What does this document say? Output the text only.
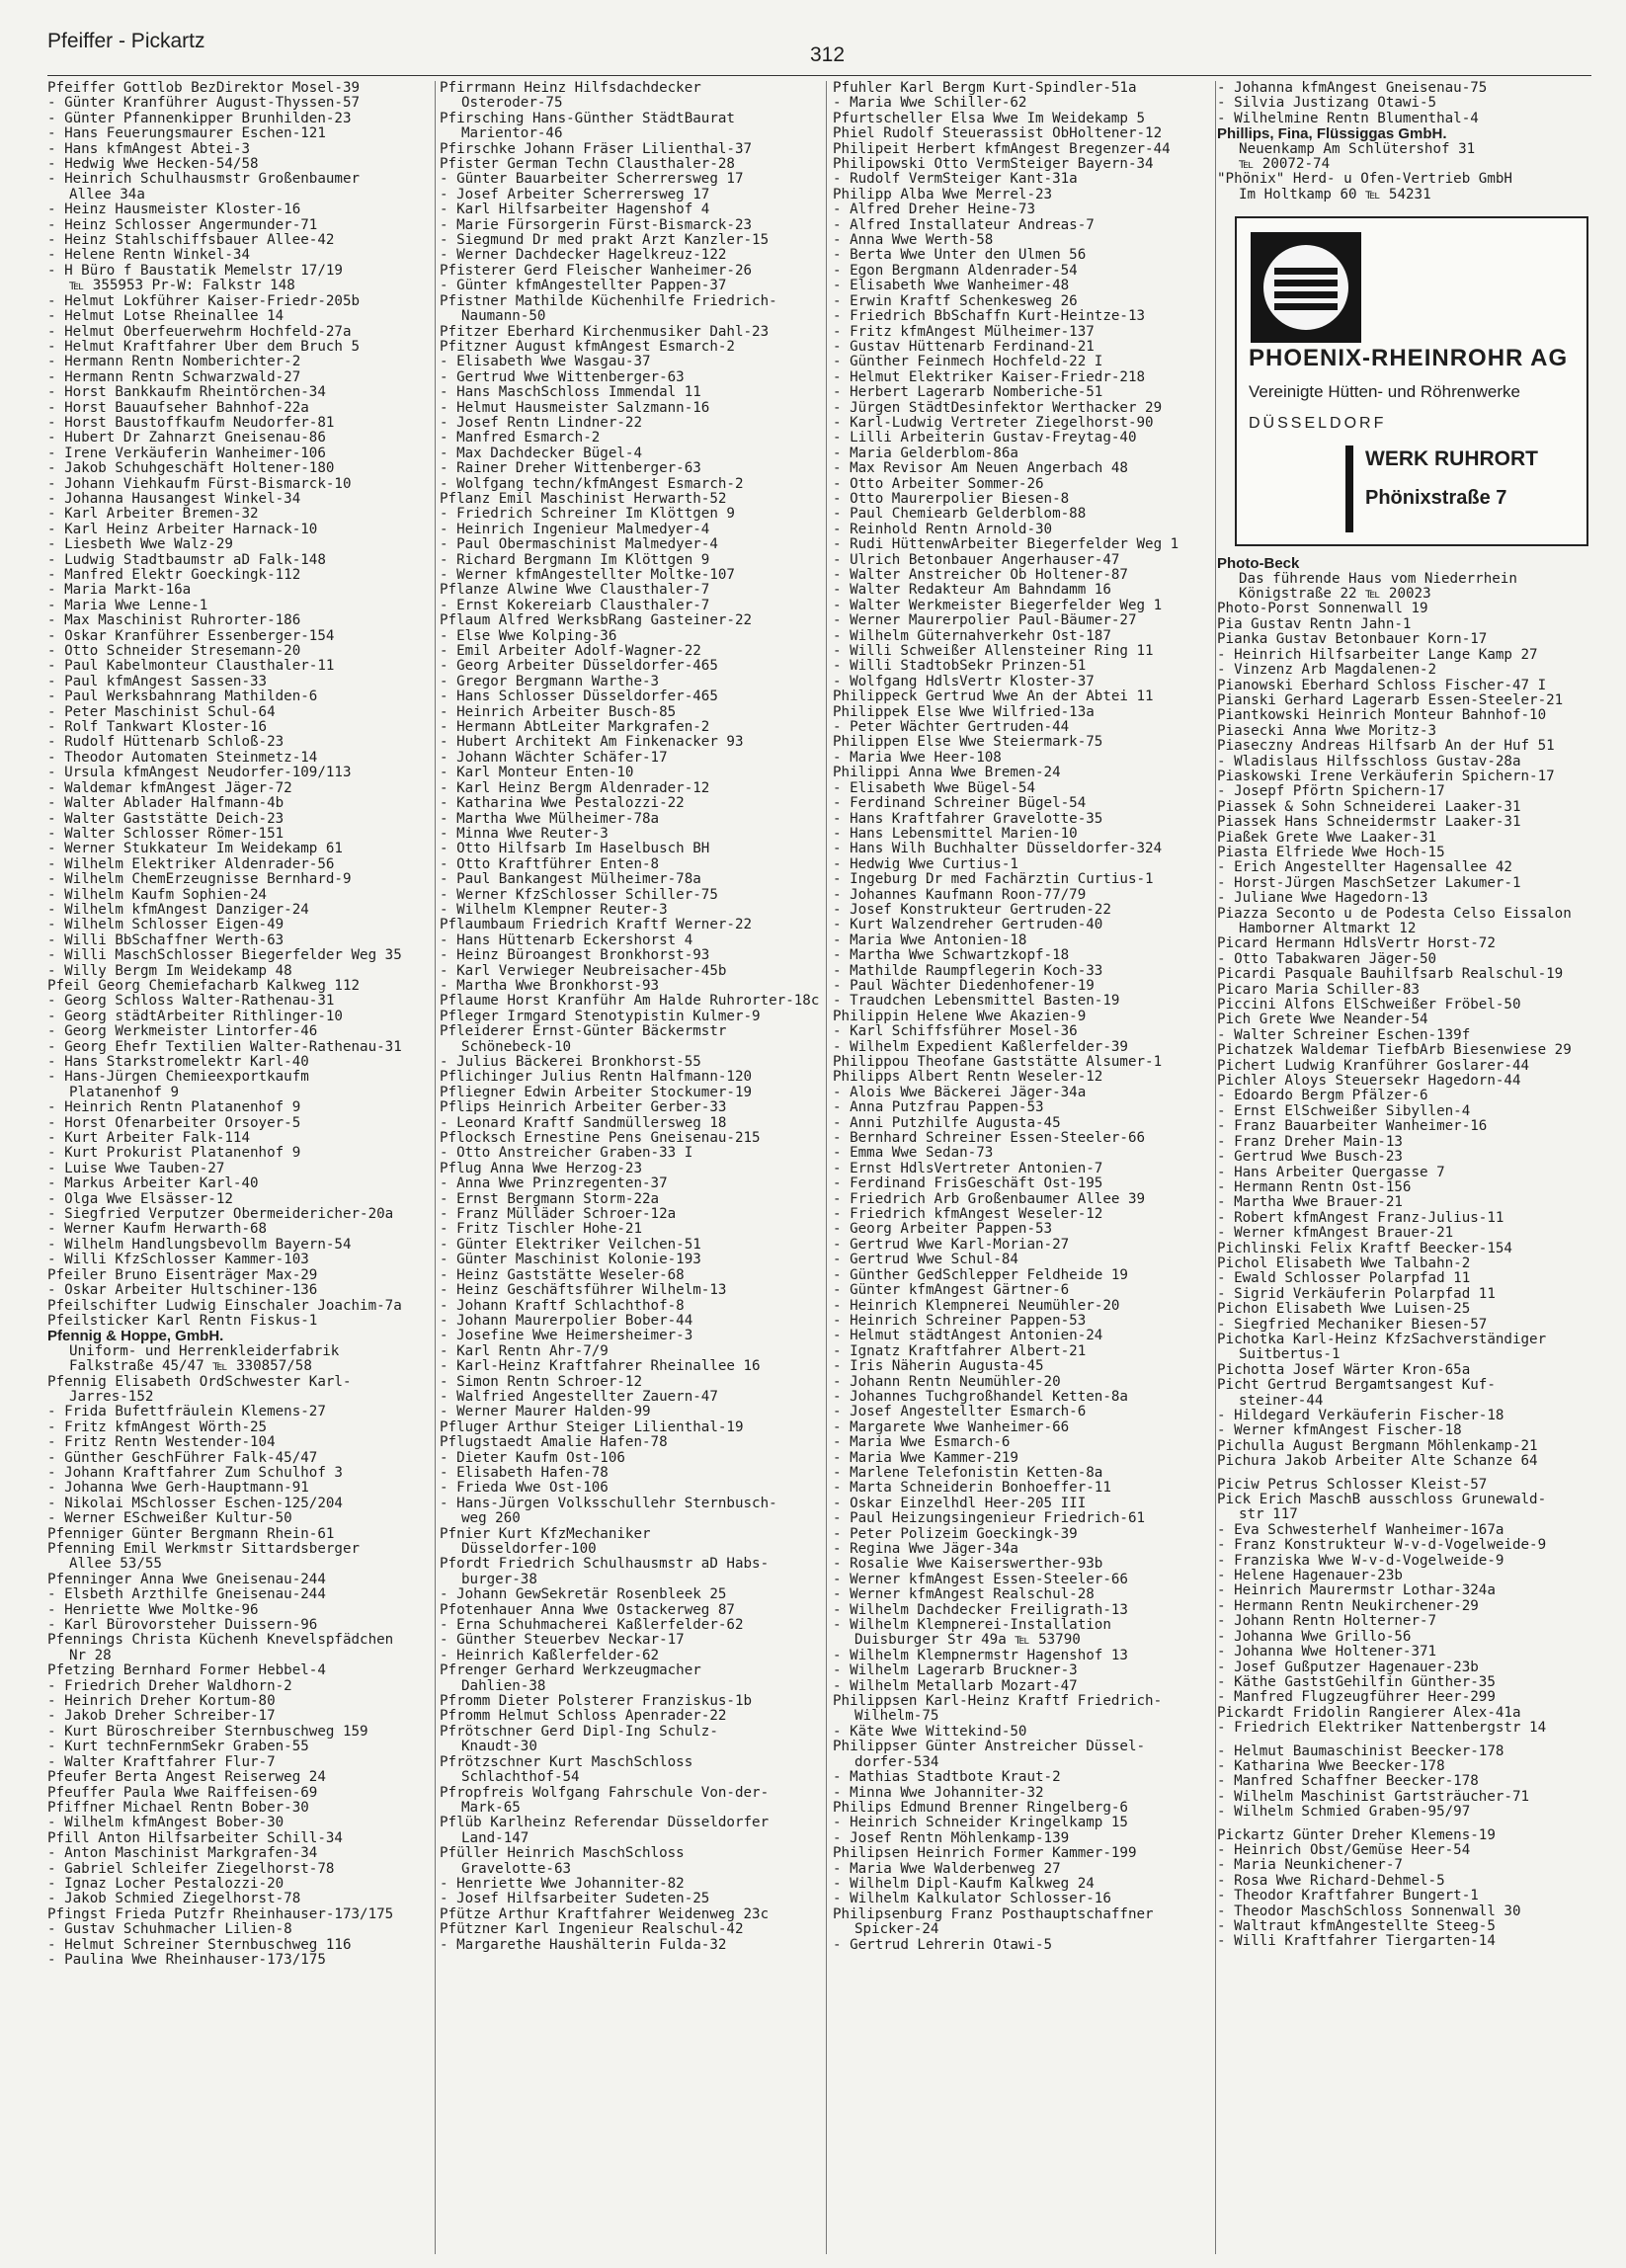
Pfeiffer - Pickartz
312
Pfeiffer Gottlob BezDirektor Mosel-39
- Günter Kranführer August-Thyssen-57
- Günter Pfannenkipper Brunhilden-23
- Hans Feuerungsmaurer Eschen-121
- Hans kfmAngest Abtei-3
- Hedwig Wwe Hecken-54/58
- Heinrich Schulhausmstr Großenbaumer
Allee 34a
- Heinz Hausmeister Kloster-16
- Heinz Schlosser Angermunder-71
- Heinz Stahlschiffsbauer Allee-42
- Helene Rentn Winkel-34
- H Büro f Baustatik Memelstr 17/19
℡ 355953 Pr-W: Falkstr 148
- Helmut Lokführer Kaiser-Friedr-205b
- Helmut Lotse Rheinallee 14
- Helmut Oberfeuerwehrm Hochfeld-27a
- Helmut Kraftfahrer Über dem Bruch 5
- Hermann Rentn Nomberichter-2
- Hermann Rentn Schwarzwald-27
- Horst Bankkaufm Rheintörchen-34
- Horst Bauaufseher Bahnhof-22a
- Horst Baustoffkaufm Neudorfer-81
- Hubert Dr Zahnarzt Gneisenau-86
- Irene Verkäuferin Wanheimer-106
- Jakob Schuhgeschäft Holtener-180
- Johann Viehkaufm Fürst-Bismarck-10
- Johanna Hausangest Winkel-34
- Karl Arbeiter Bremen-32
- Karl Heinz Arbeiter Harnack-10
- Liesbeth Wwe Walz-29
- Ludwig Stadtbaumstr aD Falk-148
- Manfred Elektr Goeckingk-112
- Maria Markt-16a
- Maria Wwe Lenne-1
- Max Maschinist Ruhrorter-186
- Oskar Kranführer Essenberger-154
- Otto Schneider Stresemann-20
- Paul Kabelmonteur Clausthaler-11
- Paul kfmAngest Sassen-33
- Paul Werksbahnrang Mathilden-6
- Peter Maschinist Schul-64
- Rolf Tankwart Kloster-16
- Rudolf Hüttenarb Schloß-23
- Theodor Automaten Steinmetz-14
- Ursula kfmAngest Neudorfer-109/113
- Waldemar kfmAngest Jäger-72
- Walter Ablader Halfmann-4b
- Walter Gaststätte Deich-23
- Walter Schlosser Römer-151
- Werner Stukkateur Im Weidekamp 61
- Wilhelm Elektriker Aldenrader-56
- Wilhelm ChemErzeugnisse Bernhard-9
- Wilhelm Kaufm Sophien-24
- Wilhelm kfmAngest Danziger-24
- Wilhelm Schlosser Eigen-49
- Willi BbSchaffner Werth-63
- Willi MaschSchlosser Biegerfelder Weg 35
- Willy Bergm Im Weidekamp 48
Pfeil Georg Chemiefacharb Kalkweg 112
- Georg Schloss Walter-Rathenau-31
- Georg städtArbeiter Rithlinger-10
- Georg Werkmeister Lintorfer-46
- Georg Ehefr Textilien Walter-Rathenau-31
- Hans Starkstromelektr Karl-40
- Hans-Jürgen Chemieexportkaufm
Platanenhof 9
- Heinrich Rentn Platanenhof 9
- Horst Ofenarbeiter Orsoyer-5
- Kurt Arbeiter Falk-114
- Kurt Prokurist Platanenhof 9
- Luise Wwe Tauben-27
- Markus Arbeiter Karl-40
- Olga Wwe Elsässer-12
- Siegfried Verputzer Obermeidericher-20a
- Werner Kaufm Herwarth-68
- Wilhelm Handlungsbevollm Bayern-54
- Willi KfzSchlosser Kammer-103
Pfeiler Bruno Eisenträger Max-29
- Oskar Arbeiter Hultschiner-136
Pfeilschifter Ludwig Einschaler Joachim-7a
Pfeilsticker Karl Rentn Fiskus-1
Pfennig & Hoppe, GmbH.
Uniform- und Herrenkleiderfabrik
Falkstraße 45/47 ℡ 330857/58
Pfennig Elisabeth OrdSchwester Karl-
Jarres-152
- Frida Bufettfräulein Klemens-27
- Fritz kfmAngest Wörth-25
- Fritz Rentn Westender-104
- Günther GeschFührer Falk-45/47
- Johann Kraftfahrer Zum Schulhof 3
- Johanna Wwe Gerh-Hauptmann-91
- Nikolai MSchlosser Eschen-125/204
- Werner ESchweißer Kultur-50
Pfenniger Günter Bergmann Rhein-61
Pfenning Emil Werkmstr Sittardsberger
Allee 53/55
Pfenninger Anna Wwe Gneisenau-244
- Elsbeth Arzthilfe Gneisenau-244
- Henriette Wwe Moltke-96
- Karl Bürovorsteher Duissern-96
Pfennings Christa Küchenh Knevelspfädchen
Nr 28
Pfetzing Bernhard Former Hebbel-4
- Friedrich Dreher Waldhorn-2
- Heinrich Dreher Kortum-80
- Jakob Dreher Schreiber-17
- Kurt Büroschreiber Sternbuschweg 159
- Kurt technFernmSekr Graben-55
- Walter Kraftfahrer Flur-7
Pfeufer Berta Angest Reiserweg 24
Pfeuffer Paula Wwe Raiffeisen-69
Pfiffner Michael Rentn Bober-30
- Wilhelm kfmAngest Bober-30
Pfill Anton Hilfsarbeiter Schill-34
- Anton Maschinist Markgrafen-34
- Gabriel Schleifer Ziegelhorst-78
- Ignaz Locher Pestalozzi-20
- Jakob Schmied Ziegelhorst-78
Pfingst Frieda Putzfr Rheinhauser-173/175
- Gustav Schuhmacher Lilien-8
- Helmut Schreiner Sternbuschweg 116
- Paulina Wwe Rheinhauser-173/175
Pfirrmann Heinz Hilfsdachdecker
Osteroder-75
Pfirsching Hans-Günther StädtBaurat
Marientor-46
Pfirschke Johann Fräser Lilienthal-37
Pfister German Techn Clausthaler-28
- Günter Bauarbeiter Scherrersweg 17
- Josef Arbeiter Scherrersweg 17
- Karl Hilfsarbeiter Hagenshof 4
- Marie Fürsorgerin Fürst-Bismarck-23
- Siegmund Dr med prakt Arzt Kanzler-15
- Werner Dachdecker Hagelkreuz-122
Pfisterer Gerd Fleischer Wanheimer-26
- Günter kfmAngestellter Pappen-37
Pfistner Mathilde Küchenhilfe Friedrich-
Naumann-50
Pfitzer Eberhard Kirchenmusiker Dahl-23
Pfitzner August kfmAngest Esmarch-2
- Elisabeth Wwe Wasgau-37
- Gertrud Wwe Wittenberger-63
- Hans MaschSchloss Immendal 11
- Helmut Hausmeister Salzmann-16
- Josef Rentn Lindner-22
- Manfred Esmarch-2
- Max Dachdecker Bügel-4
- Rainer Dreher Wittenberger-63
- Wolfgang techn/kfmAngest Esmarch-2
Pflanz Emil Maschinist Herwarth-52
- Friedrich Schreiner Im Klöttgen 9
- Heinrich Ingenieur Malmedyer-4
- Paul Obermaschinist Malmedyer-4
- Richard Bergmann Im Klöttgen 9
- Werner kfmAngestellter Moltke-107
Pflanze Alwine Wwe Clausthaler-7
- Ernst Kokereiarb Clausthaler-7
Pflaum Alfred WerksbRang Gasteiner-22
- Else Wwe Kolping-36
- Emil Arbeiter Adolf-Wagner-22
- Georg Arbeiter Düsseldorfer-465
- Gregor Bergmann Warthe-3
- Hans Schlosser Düsseldorfer-465
- Heinrich Arbeiter Busch-85
- Hermann AbtLeiter Markgrafen-2
- Hubert Architekt Am Finkenacker 93
- Johann Wächter Schäfer-17
- Karl Monteur Enten-10
- Karl Heinz Bergm Aldenrader-12
- Katharina Wwe Pestalozzi-22
- Martha Wwe Mülheimer-78a
- Minna Wwe Reuter-3
- Otto Hilfsarb Im Haselbusch BH
- Otto Kraftführer Enten-8
- Paul Bankangest Mülheimer-78a
- Werner KfzSchlosser Schiller-75
- Wilhelm Klempner Reuter-3
Pflaumbaum Friedrich Kraftf Werner-22
- Hans Hüttenarb Eckershorst 4
- Heinz Büroangest Bronkhorst-93
- Karl Verwieger Neubreisacher-45b
- Martha Wwe Bronkhorst-93
Pflaume Horst Kranführ Am Halde Ruhrorter-18c
Pfleger Irmgard Stenotypistin Kulmer-9
Pfleiderer Ernst-Günter Bäckermstr
Schönebeck-10
- Julius Bäckerei Bronkhorst-55
Pflichinger Julius Rentn Halfmann-120
Pfliegner Edwin Arbeiter Stockumer-19
Pflips Heinrich Arbeiter Gerber-33
- Leonard Kraftf Sandmüllersweg 18
Pflocksch Ernestine Pens Gneisenau-215
- Otto Anstreicher Graben-33 I
Pflug Anna Wwe Herzog-23
- Anna Wwe Prinzregenten-37
- Ernst Bergmann Storm-22a
- Franz Mülläder Schroer-12a
- Fritz Tischler Hohe-21
- Günter Elektriker Veilchen-51
- Günter Maschinist Kolonie-193
- Heinz Gaststätte Weseler-68
- Heinz Geschäftsführer Wilhelm-13
- Johann Kraftf Schlachthof-8
- Johann Maurerpolier Bober-44
- Josefine Wwe Heimersheimer-3
- Karl Rentn Ahr-7/9
- Karl-Heinz Kraftfahrer Rheinallee 16
- Simon Rentn Schroer-12
- Walfried Angestellter Zauern-47
- Werner Maurer Halden-99
Pfluger Arthur Steiger Lilienthal-19
Pflugstaedt Amalie Hafen-78
- Dieter Kaufm Ost-106
- Elisabeth Hafen-78
- Frieda Wwe Ost-106
- Hans-Jürgen Volksschullehr Sternbusch-
weg 260
Pfnier Kurt KfzMechaniker
Düsseldorfer-100
Pfordt Friedrich Schulhausmstr aD Habs-
burger-38
- Johann GewSekretär Rosenbleek 25
Pfotenhauer Anna Wwe Ostackerweg 87
- Erna Schuhmacherei Kaßlerfelder-62
- Günther Steuerbev Neckar-17
- Heinrich Kaßlerfelder-62
Pfrenger Gerhard Werkzeugmacher
Dahlien-38
Pfromm Dieter Polsterer Franziskus-1b
Pfromm Helmut Schloss Apenrader-22
Pfrötschner Gerd Dipl-Ing Schulz-
Knaudt-30
Pfrötzschner Kurt MaschSchloss
Schlachthof-54
Pfropfreis Wolfgang Fahrschule Von-der-
Mark-65
Pflüb Karlheinz Referendar Düsseldorfer
Land-147
Pfüller Heinrich MaschSchloss
Gravelotte-63
- Henriette Wwe Johanniter-82
- Josef Hilfsarbeiter Sudeten-25
Pfütze Arthur Kraftfahrer Weidenweg 23c
Pfützner Karl Ingenieur Realschul-42
- Margarethe Haushälterin Fulda-32
Pfuhler Karl Bergm Kurt-Spindler-51a
- Maria Wwe Schiller-62
Pfurtscheller Elsa Wwe Im Weidekamp 5
Phiel Rudolf Steuerassist ObHoltener-12
Philipeit Herbert kfmAngest Bregenzer-44
Philipowski Otto VermSteiger Bayern-34
- Rudolf VermSteiger Kant-31a
Philipp Alba Wwe Merrel-23
- Alfred Dreher Heine-73
- Alfred Installateur Andreas-7
- Anna Wwe Werth-58
- Berta Wwe Unter den Ulmen 56
- Egon Bergmann Aldenrader-54
- Elisabeth Wwe Wanheimer-48
- Erwin Kraftf Schenkesweg 26
- Friedrich BbSchaffn Kurt-Heintze-13
- Fritz kfmAngest Mülheimer-137
- Gustav Hüttenarb Ferdinand-21
- Günther Feinmech Hochfeld-22 I
- Helmut Elektriker Kaiser-Friedr-218
- Herbert Lagerarb Nomberiche-51
- Jürgen StädtDesinfektor Werthacker 29
- Karl-Ludwig Vertreter Ziegelhorst-90
- Lilli Arbeiterin Gustav-Freytag-40
- Maria Gelderblom-86a
- Max Revisor Am Neuen Angerbach 48
- Otto Arbeiter Sommer-26
- Otto Maurerpolier Biesen-8
- Paul Chemiearb Gelderblom-88
- Reinhold Rentn Arnold-30
- Rudi HüttenwArbeiter Biegerfelder Weg 1
- Ulrich Betonbauer Angerhauser-47
- Walter Anstreicher Ob Holtener-87
- Walter Redakteur Am Bahndamm 16
- Walter Werkmeister Biegerfelder Weg 1
- Werner Maurerpolier Paul-Bäumer-27
- Wilhelm Güternahverkehr Ost-187
- Willi Schweißer Allensteiner Ring 11
- Willi StadtobSekr Prinzen-51
- Wolfgang HdlsVertr Kloster-37
Philippeck Gertrud Wwe An der Abtei 11
Philippek Else Wwe Wilfried-13a
- Peter Wächter Gertruden-44
Philippen Else Wwe Steiermark-75
- Maria Wwe Heer-108
Philippi Anna Wwe Bremen-24
- Elisabeth Wwe Bügel-54
- Ferdinand Schreiner Bügel-54
- Hans Kraftfahrer Gravelotte-35
- Hans Lebensmittel Marien-10
- Hans Wilh Buchhalter Düsseldorfer-324
- Hedwig Wwe Curtius-1
- Ingeburg Dr med Fachärztin Curtius-1
- Johannes Kaufmann Roon-77/79
- Josef Konstrukteur Gertruden-22
- Kurt Walzendreher Gertruden-40
- Maria Wwe Antonien-18
- Martha Wwe Schwartzkopf-18
- Mathilde Raumpflegerin Koch-33
- Paul Wächter Diedenhofener-19
- Traudchen Lebensmittel Basten-19
Philippin Helene Wwe Akazien-9
- Karl Schiffsführer Mosel-36
- Wilhelm Expedient Kaßlerfelder-39
Philippou Theofane Gaststätte Alsumer-1
Philipps Albert Rentn Weseler-12
- Alois Wwe Bäckerei Jäger-34a
- Anna Putzfrau Pappen-53
- Anni Putzhilfe Augusta-45
- Bernhard Schreiner Essen-Steeler-66
- Emma Wwe Sedan-73
- Ernst HdlsVertreter Antonien-7
- Ferdinand FrisGeschäft Ost-195
- Friedrich Arb Großenbaumer Allee 39
- Friedrich kfmAngest Weseler-12
- Georg Arbeiter Pappen-53
- Gertrud Wwe Karl-Morian-27
- Gertrud Wwe Schul-84
- Günther GedSchlepper Feldheide 19
- Günter kfmAngest Gärtner-6
- Heinrich Klempnerei Neumühler-20
- Heinrich Schreiner Pappen-53
- Helmut städtAngest Antonien-24
- Ignatz Kraftfahrer Albert-21
- Iris Näherin Augusta-45
- Johann Rentn Neumühler-20
- Johannes Tuchgroßhandel Ketten-8a
- Josef Angestellter Esmarch-6
- Margarete Wwe Wanheimer-66
- Maria Wwe Esmarch-6
- Maria Wwe Kammer-219
- Marlene Telefonistin Ketten-8a
- Marta Schneiderin Bonhoeffer-11
- Oskar Einzelhdl Heer-205 III
- Paul Heizungsingenieur Friedrich-61
- Peter Polizeim Goeckingk-39
- Regina Wwe Jäger-34a
- Rosalie Wwe Kaiserswerther-93b
- Werner kfmAngest Essen-Steeler-66
- Werner kfmAngest Realschul-28
- Wilhelm Dachdecker Freiligrath-13
- Wilhelm Klempnerei-Installation
Duisburger Str 49a ℡ 53790
- Wilhelm Klempnermstr Hagenshof 13
- Wilhelm Lagerarb Bruckner-3
- Wilhelm Metallarb Mozart-47
Philippsen Karl-Heinz Kraftf Friedrich-
Wilhelm-75
- Käte Wwe Wittekind-50
Philippser Günter Anstreicher Düssel-
dorfer-534
- Mathias Stadtbote Kraut-2
- Minna Wwe Johanniter-32
Philips Edmund Brenner Ringelberg-6
- Heinrich Schneider Kringelkamp 15
- Josef Rentn Möhlenkamp-139
Philipsen Heinrich Former Kammer-199
- Maria Wwe Walderbenweg 27
- Wilhelm Dipl-Kaufm Kalkweg 24
- Wilhelm Kalkulator Schlosser-16
Philipsenburg Franz Posthauptschaffner
Spicker-24
- Gertrud Lehrerin Otawi-5
- Johanna kfmAngest Gneisenau-75
- Silvia Justizang Otawi-5
- Wilhelmine Rentn Blumenthal-4
Phillips, Fina, Flüssiggas GmbH.
Neuenkamp Am Schlütershof 31
℡ 20072-74
"Phönix" Herd- u Ofen-Vertrieb GmbH
Im Holtkamp 60 ℡ 54231
PHOENIX-RHEINROHR AG
Vereinigte Hütten- und Röhrenwerke
DÜSSELDORF
WERK RUHRORT
Phönixstraße 7
Photo-Beck
Das führende Haus vom Niederrhein
Königstraße 22 ℡ 20023
Photo-Porst Sonnenwall 19
Pia Gustav Rentn Jahn-1
Pianka Gustav Betonbauer Korn-17
- Heinrich Hilfsarbeiter Lange Kamp 27
- Vinzenz Arb Magdalenen-2
Pianowski Eberhard Schloss Fischer-47 I
Pianski Gerhard Lagerarb Essen-Steeler-21
Piantkowski Heinrich Monteur Bahnhof-10
Piasecki Anna Wwe Moritz-3
Piaseczny Andreas Hilfsarb An der Huf 51
- Wladislaus Hilfsschloss Gustav-28a
Piaskowski Irene Verkäuferin Spichern-17
- Josepf Pförtn Spichern-17
Piassek & Sohn Schneiderei Laaker-31
Piassek Hans Schneidermstr Laaker-31
Piaßek Grete Wwe Laaker-31
Piasta Elfriede Wwe Hoch-15
- Erich Angestellter Hagensallee 42
- Horst-Jürgen MaschSetzer Lakumer-1
- Juliane Wwe Hagedorn-13
Piazza Seconto u de Podesta Celso Eissalon
Hamborner Altmarkt 12
Picard Hermann HdlsVertr Horst-72
- Otto Tabakwaren Jäger-50
Picardi Pasquale Bauhilfsarb Realschul-19
Picaro Maria Schiller-83
Piccini Alfons ElSchweißer Fröbel-50
Pich Grete Wwe Neander-54
- Walter Schreiner Eschen-139f
Pichatzek Waldemar TiefbArb Biesenwiese 29
Pichert Ludwig Kranführer Goslarer-44
Pichler Aloys Steuersekr Hagedorn-44
- Edoardo Bergm Pfälzer-6
- Ernst ElSchweißer Sibyllen-4
- Franz Bauarbeiter Wanheimer-16
- Franz Dreher Main-13
- Gertrud Wwe Busch-23
- Hans Arbeiter Quergasse 7
- Hermann Rentn Ost-156
- Martha Wwe Brauer-21
- Robert kfmAngest Franz-Julius-11
- Werner kfmAngest Brauer-21
Pichlinski Felix Kraftf Beecker-154
Pichol Elisabeth Wwe Talbahn-2
- Ewald Schlosser Polarpfad 11
- Sigrid Verkäuferin Polarpfad 11
Pichon Elisabeth Wwe Luisen-25
- Siegfried Mechaniker Biesen-57
Pichotka Karl-Heinz KfzSachverständiger
Suitbertus-1
Pichotta Josef Wärter Kron-65a
Picht Gertrud Bergamtsangest Kuf-
steiner-44
- Hildegard Verkäuferin Fischer-18
- Werner kfmAngest Fischer-18
Pichulla August Bergmann Möhlenkamp-21
Pichura Jakob Arbeiter Alte Schanze 64
Piciw Petrus Schlosser Kleist-57
Pick Erich MaschB ausschloss Grunewald-
str 117
- Eva Schwesterhelf Wanheimer-167a
- Franz Konstrukteur W-v-d-Vogelweide-9
- Franziska Wwe W-v-d-Vogelweide-9
- Helene Hagenauer-23b
- Heinrich Maurermstr Lothar-324a
- Hermann Rentn Neukirchener-29
- Johann Rentn Holterner-7
- Johanna Wwe Grillo-56
- Johanna Wwe Holtener-371
- Josef Gußputzer Hagenauer-23b
- Käthe GaststGehilfin Günther-35
- Manfred Flugzeugführer Heer-299
Pickardt Fridolin Rangierer Alex-41a
- Friedrich Elektriker Nattenbergstr 14
- Helmut Baumaschinist Beecker-178
- Katharina Wwe Beecker-178
- Manfred Schaffner Beecker-178
- Wilhelm Maschinist Gartsträucher-71
- Wilhelm Schmied Graben-95/97
Pickartz Günter Dreher Klemens-19
- Heinrich Obst/Gemüse Heer-54
- Maria Neunkichener-7
- Rosa Wwe Richard-Dehmel-5
- Theodor Kraftfahrer Bungert-1
- Theodor MaschSchloss Sonnenwall 30
- Waltraut kfmAngestellte Steeg-5
- Willi Kraftfahrer Tiergarten-14
